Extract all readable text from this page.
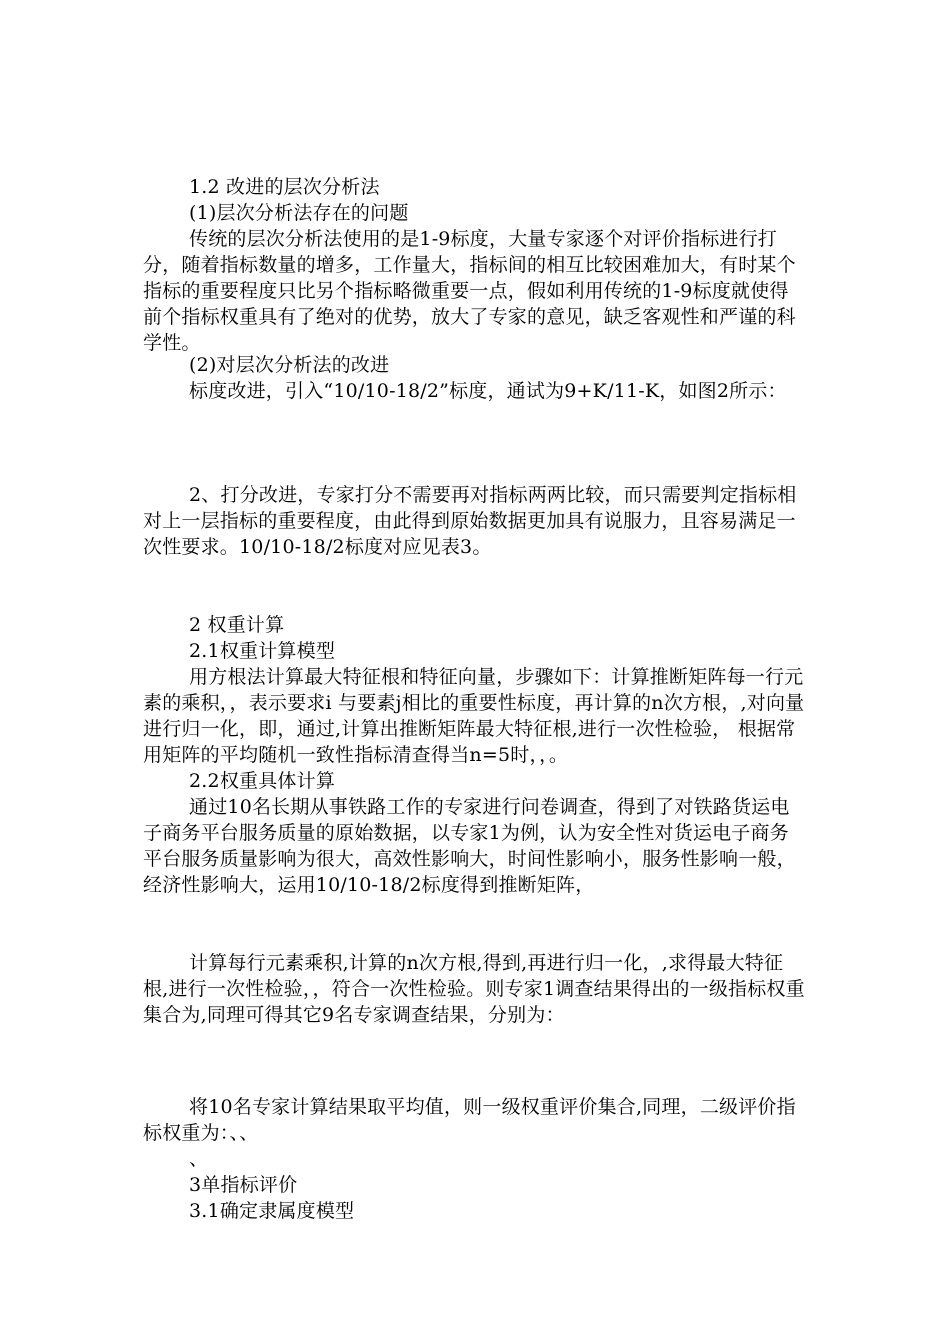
1.2 改进的层次分析法

(1)层次分析法存在的问题

传统的层次分析法使用的是1-9标度，大量专家逐个对评价指标进行打分，随着指标数量的增多，工作量大，指标间的相互比较困难加大，有时某个指标的重要程度只比另个指标略微重要一点，假如利用传统的1-9标度就使得前个指标权重具有了绝对的优势，放大了专家的意见，缺乏客观性和严谨的科学性。

(2)对层次分析法的改进

标度改进，引入“10/10-18/2”标度，通试为9+K/11-K，如图2所示：

2、打分改进，专家打分不需要再对指标两两比较，而只需要判定指标相对上一层指标的重要程度，由此得到原始数据更加具有说服力，且容易满足一次性要求。10/10-18/2标度对应见表3。

2 权重计算

2.1权重计算模型

用方根法计算最大特征根和特征向量，步骤如下：计算推断矩阵每一行元素的乘积，，表示要求i 与要素j相比的重要性标度，再计算的n次方根，,对向量进行归一化，即，通过,计算出推断矩阵最大特征根,进行一次性检验， 根据常用矩阵的平均随机一致性指标清查得当n=5时，，。

2.2权重具体计算

通过10名长期从事铁路工作的专家进行问卷调查，得到了对铁路货运电子商务平台服务质量的原始数据，以专家1为例，认为安全性对货运电子商务平台服务质量影响为很大，高效性影响大，时间性影响小，服务性影响一般，经济性影响大，运用10/10-18/2标度得到推断矩阵，

计算每行元素乘积,计算的n次方根,得到,再进行归一化，,求得最大特征根,进行一次性检验，，符合一次性检验。则专家1调查结果得出的一级指标权重集合为,同理可得其它9名专家调查结果，分别为：

将10名专家计算结果取平均值，则一级权重评价集合,同理，二级评价指标权重为：、、

、

3单指标评价

3.1确定隶属度模型
